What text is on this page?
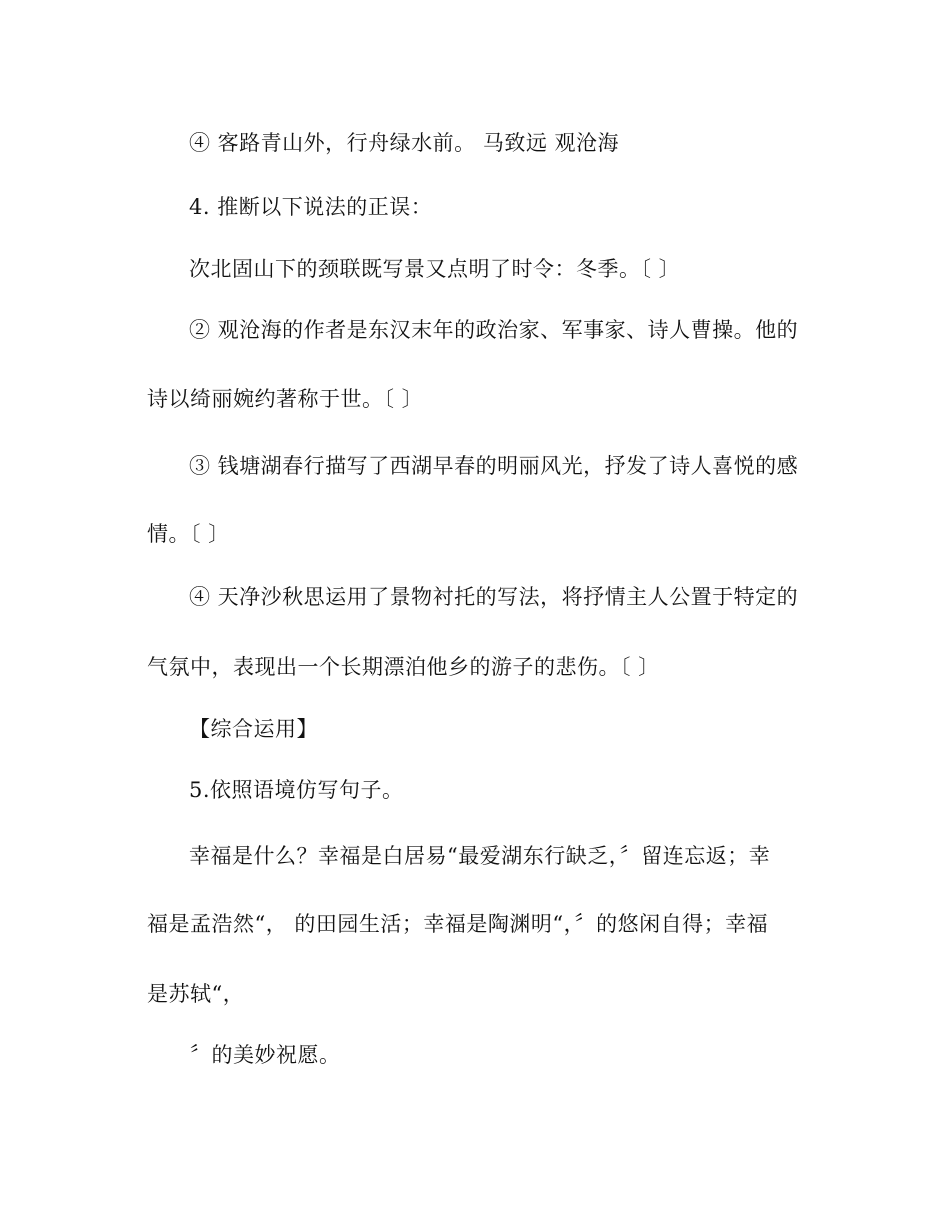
④ 客路青山外，行舟绿水前。 马致远 观沧海
4. 推断以下说法的正误：
次北固山下的颈联既写景又点明了时令：冬季。〔 〕
② 观沧海的作者是东汉末年的政治家、军事家、诗人曹操。他的
诗以绮丽婉约著称于世。〔 〕
③ 钱塘湖春行描写了西湖早春的明丽风光，抒发了诗人喜悦的感
情。〔 〕
④ 天净沙秋思运用了景物衬托的写法，将抒情主人公置于特定的
气氛中，表现出一个长期漂泊他乡的游子的悲伤。〔 〕
【综合运用】
5.依照语境仿写句子。
幸福是什么？幸福是白居易“最爱湖东行缺乏，〞留连忘返；幸
福是孟浩然“， 的田园生活；幸福是陶渊明“，〞的悠闲自得；幸福
是苏轼“，
〞的美妙祝愿。
